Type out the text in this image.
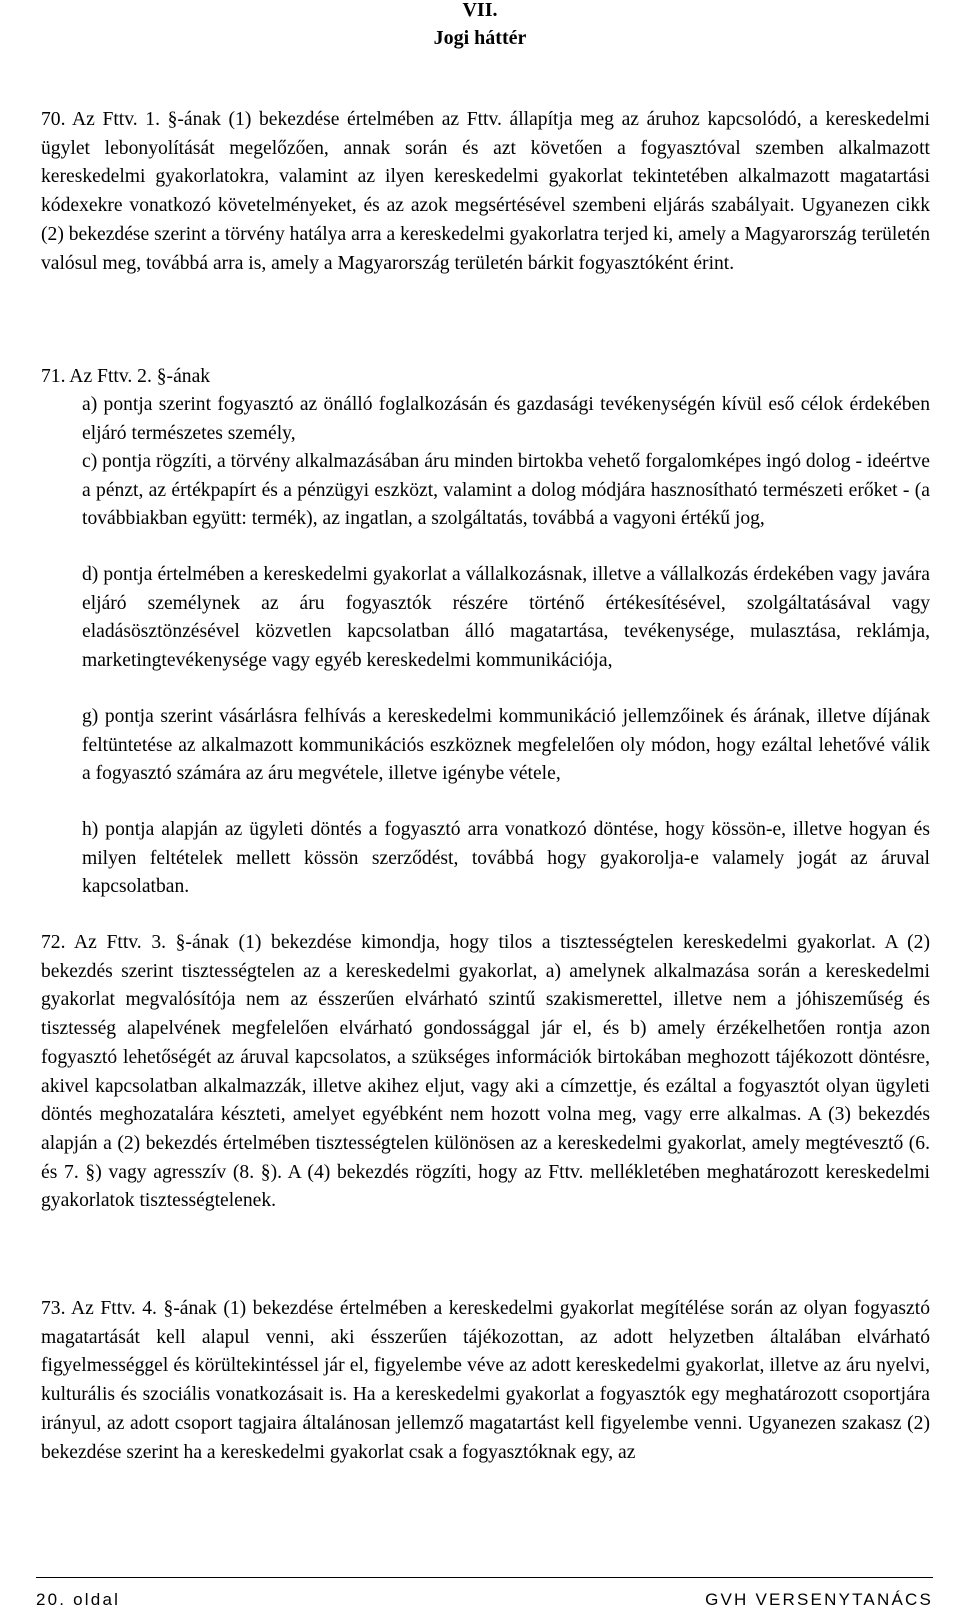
VII.
Jogi háttér

70. Az Fttv. 1. §-ának (1) bekezdése értelmében az Fttv. állapítja meg az áruhoz kapcsolódó, a kereskedelmi ügylet lebonyolítását megelőzően, annak során és azt követően a fogyasztóval szemben alkalmazott kereskedelmi gyakorlatokra, valamint az ilyen kereskedelmi gyakorlat tekintetében alkalmazott magatartási kódexekre vonatkozó követelményeket, és az azok megsértésével szembeni eljárás szabályait. Ugyanezen cikk (2) bekezdése szerint a törvény hatálya arra a kereskedelmi gyakorlatra terjed ki, amely a Magyarország területén valósul meg, továbbá arra is, amely a Magyarország területén bárkit fogyasztóként érint.

71. Az Fttv. 2. §-ának

a) pontja szerint fogyasztó az önálló foglalkozásán és gazdasági tevékenységén kívül eső célok érdekében eljáró természetes személy,

c) pontja rögzíti, a törvény alkalmazásában áru minden birtokba vehető forgalomképes ingó dolog - ideértve a pénzt, az értékpapírt és a pénzügyi eszközt, valamint a dolog módjára hasznosítható természeti erőket - (a továbbiakban együtt: termék), az ingatlan, a szolgáltatás, továbbá a vagyoni értékű jog,

d) pontja értelmében a kereskedelmi gyakorlat a vállalkozásnak, illetve a vállalkozás érdekében vagy javára eljáró személynek az áru fogyasztók részére történő értékesítésével, szolgáltatásával vagy eladásösztönzésével közvetlen kapcsolatban álló magatartása, tevékenysége, mulasztása, reklámja, marketingtevékenysége vagy egyéb kereskedelmi kommunikációja,

g) pontja szerint vásárlásra felhívás a kereskedelmi kommunikáció jellemzőinek és árának, illetve díjának feltüntetése az alkalmazott kommunikációs eszköznek megfelelően oly módon, hogy ezáltal lehetővé válik a fogyasztó számára az áru megvétele, illetve igénybe vétele,

h) pontja alapján az ügyleti döntés a fogyasztó arra vonatkozó döntése, hogy kössön-e, illetve hogyan és milyen feltételek mellett kössön szerződést, továbbá hogy gyakorolja-e valamely jogát az áruval kapcsolatban.

72. Az Fttv. 3. §-ának (1) bekezdése kimondja, hogy tilos a tisztességtelen kereskedelmi gyakorlat. A (2) bekezdés szerint tisztességtelen az a kereskedelmi gyakorlat, a) amelynek alkalmazása során a kereskedelmi gyakorlat megvalósítója nem az ésszerűen elvárható szintű szakismerettel, illetve nem a jóhiszeműség és tisztesség alapelvének megfelelően elvárható gondossággal jár el, és b) amely érzékelhetően rontja azon fogyasztó lehetőségét az áruval kapcsolatos, a szükséges információk birtokában meghozott tájékozott döntésre, akivel kapcsolatban alkalmazzák, illetve akihez eljut, vagy aki a címzettje, és ezáltal a fogyasztót olyan ügyleti döntés meghozatalára készteti, amelyet egyébként nem hozott volna meg, vagy erre alkalmas. A (3) bekezdés alapján a (2) bekezdés értelmében tisztességtelen különösen az a kereskedelmi gyakorlat, amely megtévesztő (6. és 7. §) vagy agresszív (8. §). A (4) bekezdés rögzíti, hogy az Fttv. mellékletében meghatározott kereskedelmi gyakorlatok tisztességtelenek.

73. Az Fttv. 4. §-ának (1) bekezdése értelmében a kereskedelmi gyakorlat megítélése során az olyan fogyasztó magatartását kell alapul venni, aki ésszerűen tájékozottan, az adott helyzetben általában elvárható figyelmességgel és körültekintéssel jár el, figyelembe véve az adott kereskedelmi gyakorlat, illetve az áru nyelvi, kulturális és szociális vonatkozásait is. Ha a kereskedelmi gyakorlat a fogyasztók egy meghatározott csoportjára irányul, az adott csoport tagjaira általánosan jellemző magatartást kell figyelembe venni. Ugyanezen szakasz (2) bekezdése szerint ha a kereskedelmi gyakorlat csak a fogyasztóknak egy, az

20. oldal	GVH VERSENYTANÁCS
